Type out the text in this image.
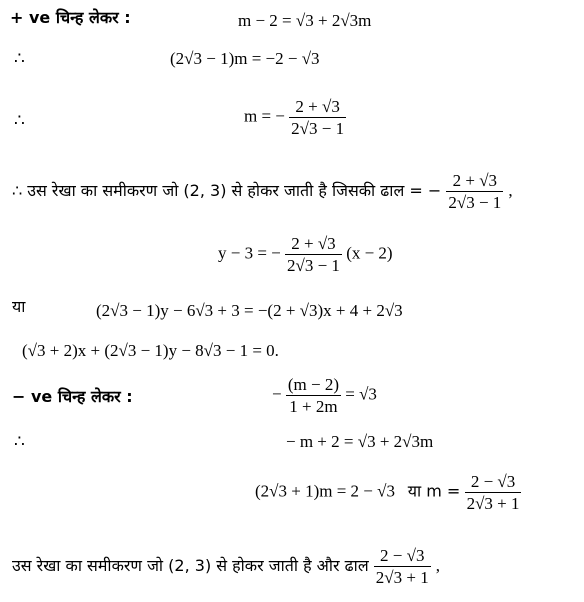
+ ve चिन्ह लेकर :	m − 2 = √3 + 2√3m
∴	(2√3 − 1)m = −2 − √3
∴	m = − $\frac{2 + √3}{2√3 - 1}$
∴ उस रेखा का समीकरण जो (2, 3) से होकर जाती है जिसकी ढाल = − $\frac{2 + √3}{2√3 - 1}$ ,
y − 3 = − $\frac{2 + √3}{2√3 - 1} (x - 2)$
या	(2√3 − 1)y − 6√3 + 3 = −(2 + √3)x + 4 + 2√3
(√3 + 2)x + (2√3 − 1)y − 8√3 − 1 = 0.
− ve चिन्ह लेकर :	− $\frac{(m - 2)}{1 + 2m} = √3$
∴	− m + 2 = √3 + 2√3m
(2√3 + 1)m = 2 − √3 या $m = \frac{2 - √3}{2√3 + 1}$
उस रेखा का समीकरण जो (2, 3) से होकर जाती है और ढाल $\frac{2 - √3}{2√3 + 1}$ ,
